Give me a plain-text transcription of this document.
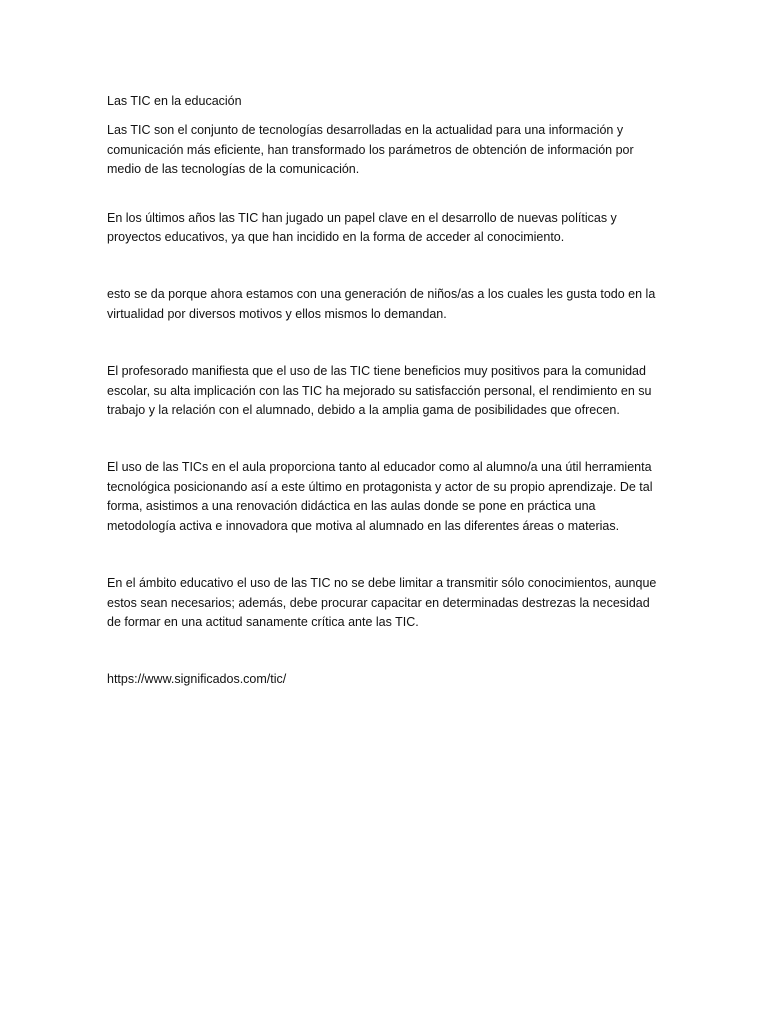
Las TIC en la educación

Las TIC son el conjunto de tecnologías desarrolladas en la actualidad para una información y comunicación más eficiente, han transformado los parámetros de obtención de información por medio de las tecnologías de la comunicación.

En los últimos años las TIC han jugado un papel clave en el desarrollo de nuevas políticas y proyectos educativos, ya que han incidido en la forma de acceder al conocimiento.

esto se da porque ahora estamos con una generación de niños/as a los cuales les gusta todo en la virtualidad por diversos motivos y ellos mismos lo demandan.

El profesorado manifiesta que el uso de las TIC tiene beneficios muy positivos para la comunidad escolar, su alta implicación con las TIC ha mejorado su satisfacción personal, el rendimiento en su trabajo y la relación con el alumnado, debido a la amplia gama de posibilidades que ofrecen.

El uso de las TICs en el aula proporciona tanto al educador como al alumno/a una útil herramienta tecnológica posicionando así a este último en protagonista y actor de su propio aprendizaje. De tal forma, asistimos a una renovación didáctica en las aulas donde se pone en práctica una metodología activa e innovadora que motiva al alumnado en las diferentes áreas o materias.

En el ámbito educativo el uso de las TIC no se debe limitar a transmitir sólo conocimientos, aunque estos sean necesarios; además, debe procurar capacitar en determinadas destrezas la necesidad de formar en una actitud sanamente crítica ante las TIC.

https://www.significados.com/tic/
